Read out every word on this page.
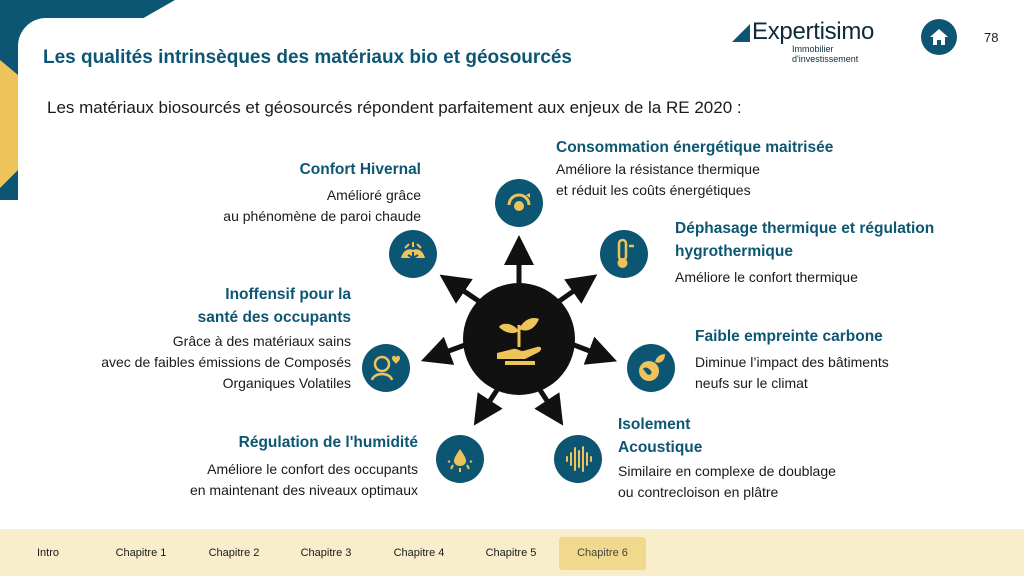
Les qualités intrinsèques des matériaux bio et géosourcés
Les matériaux biosourcés et géosourcés répondent parfaitement aux enjeux de la RE 2020 :
Expertisimo
Immobilier d'investissement
78
Confort Hivernal
Amélioré grâce
au phénomène de paroi chaude
Inoffensif pour la
santé des occupants
Grâce à des matériaux sains
avec de faibles émissions de Composés
Organiques Volatiles
Régulation de l'humidité
Améliore le confort des occupants
en maintenant des niveaux optimaux
Consommation énergétique maitrisée
Améliore la résistance thermique
et réduit les coûts énergétiques
Déphasage thermique et régulation
hygrothermique
Améliore le confort thermique
Faible empreinte carbone
Diminue l’impact des bâtiments
neufs sur le climat
Isolement
Acoustique
Similaire en complexe de doublage
ou contrecloison en plâtre
Intro	Chapitre 1	Chapitre 2	Chapitre 3	Chapitre 4	Chapitre 5	Chapitre 6
